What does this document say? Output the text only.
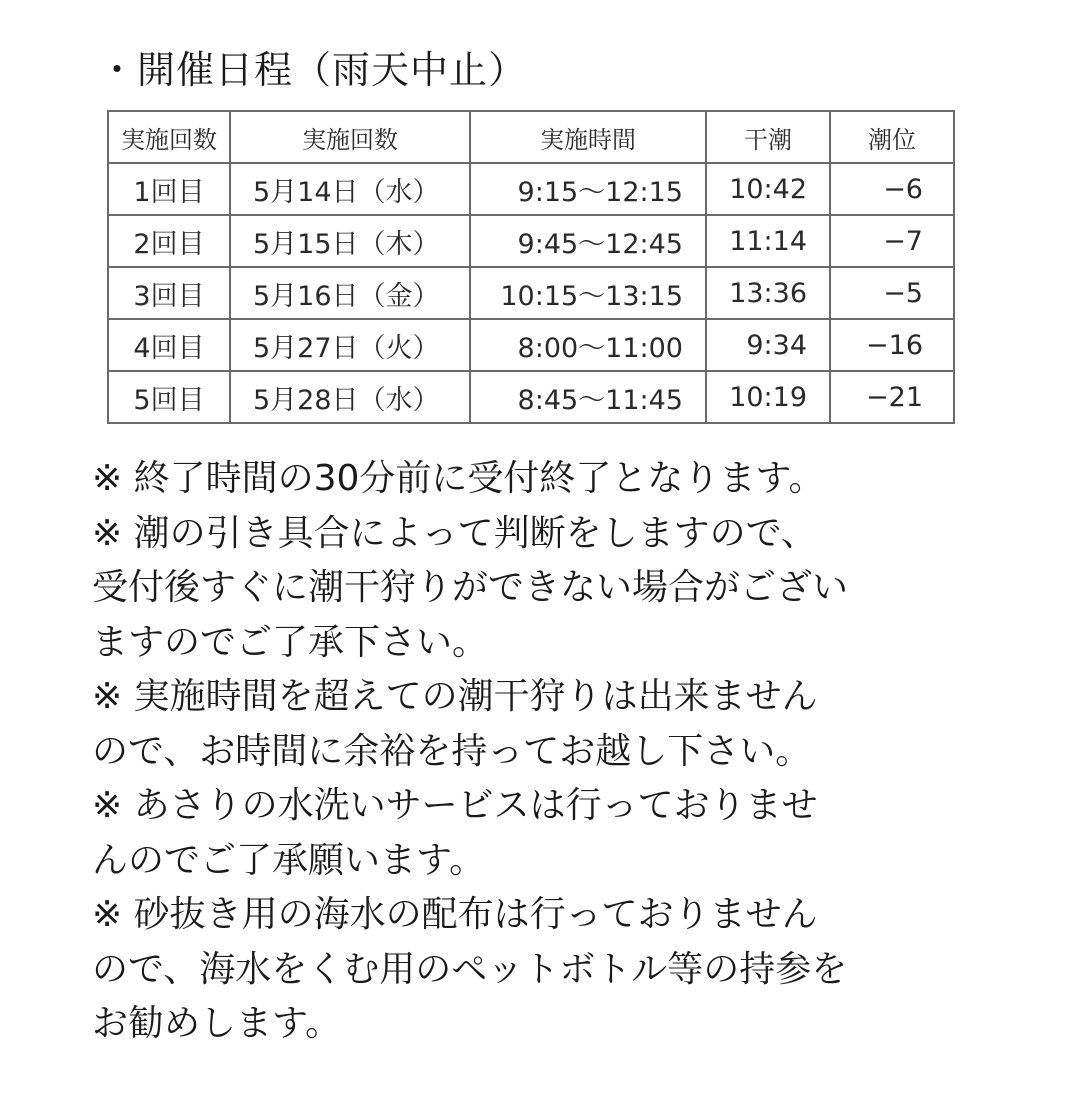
・開催日程（雨天中止）
実施回数	実施回数	実施時間	干潮	潮位
1回目	5月14日（水）	9:15〜12:15	10:42	−6
2回目	5月15日（木）	9:45〜12:45	11:14	−7
3回目	5月16日（金）	10:15〜13:15	13:36	−5
4回目	5月27日（火）	8:00〜11:00	9:34	−16
5回目	5月28日（水）	8:45〜11:45	10:19	−21
※ 終了時間の30分前に受付終了となります。
※ 潮の引き具合によって判断をしますので、
受付後すぐに潮干狩りができない場合がござい
ますのでご了承下さい。
※ 実施時間を超えての潮干狩りは出来ません
ので、お時間に余裕を持ってお越し下さい。
※ あさりの水洗いサービスは行っておりませ
んのでご了承願います。
※ 砂抜き用の海水の配布は行っておりません
ので、海水をくむ用のペットボトル等の持参を
お勧めします。
